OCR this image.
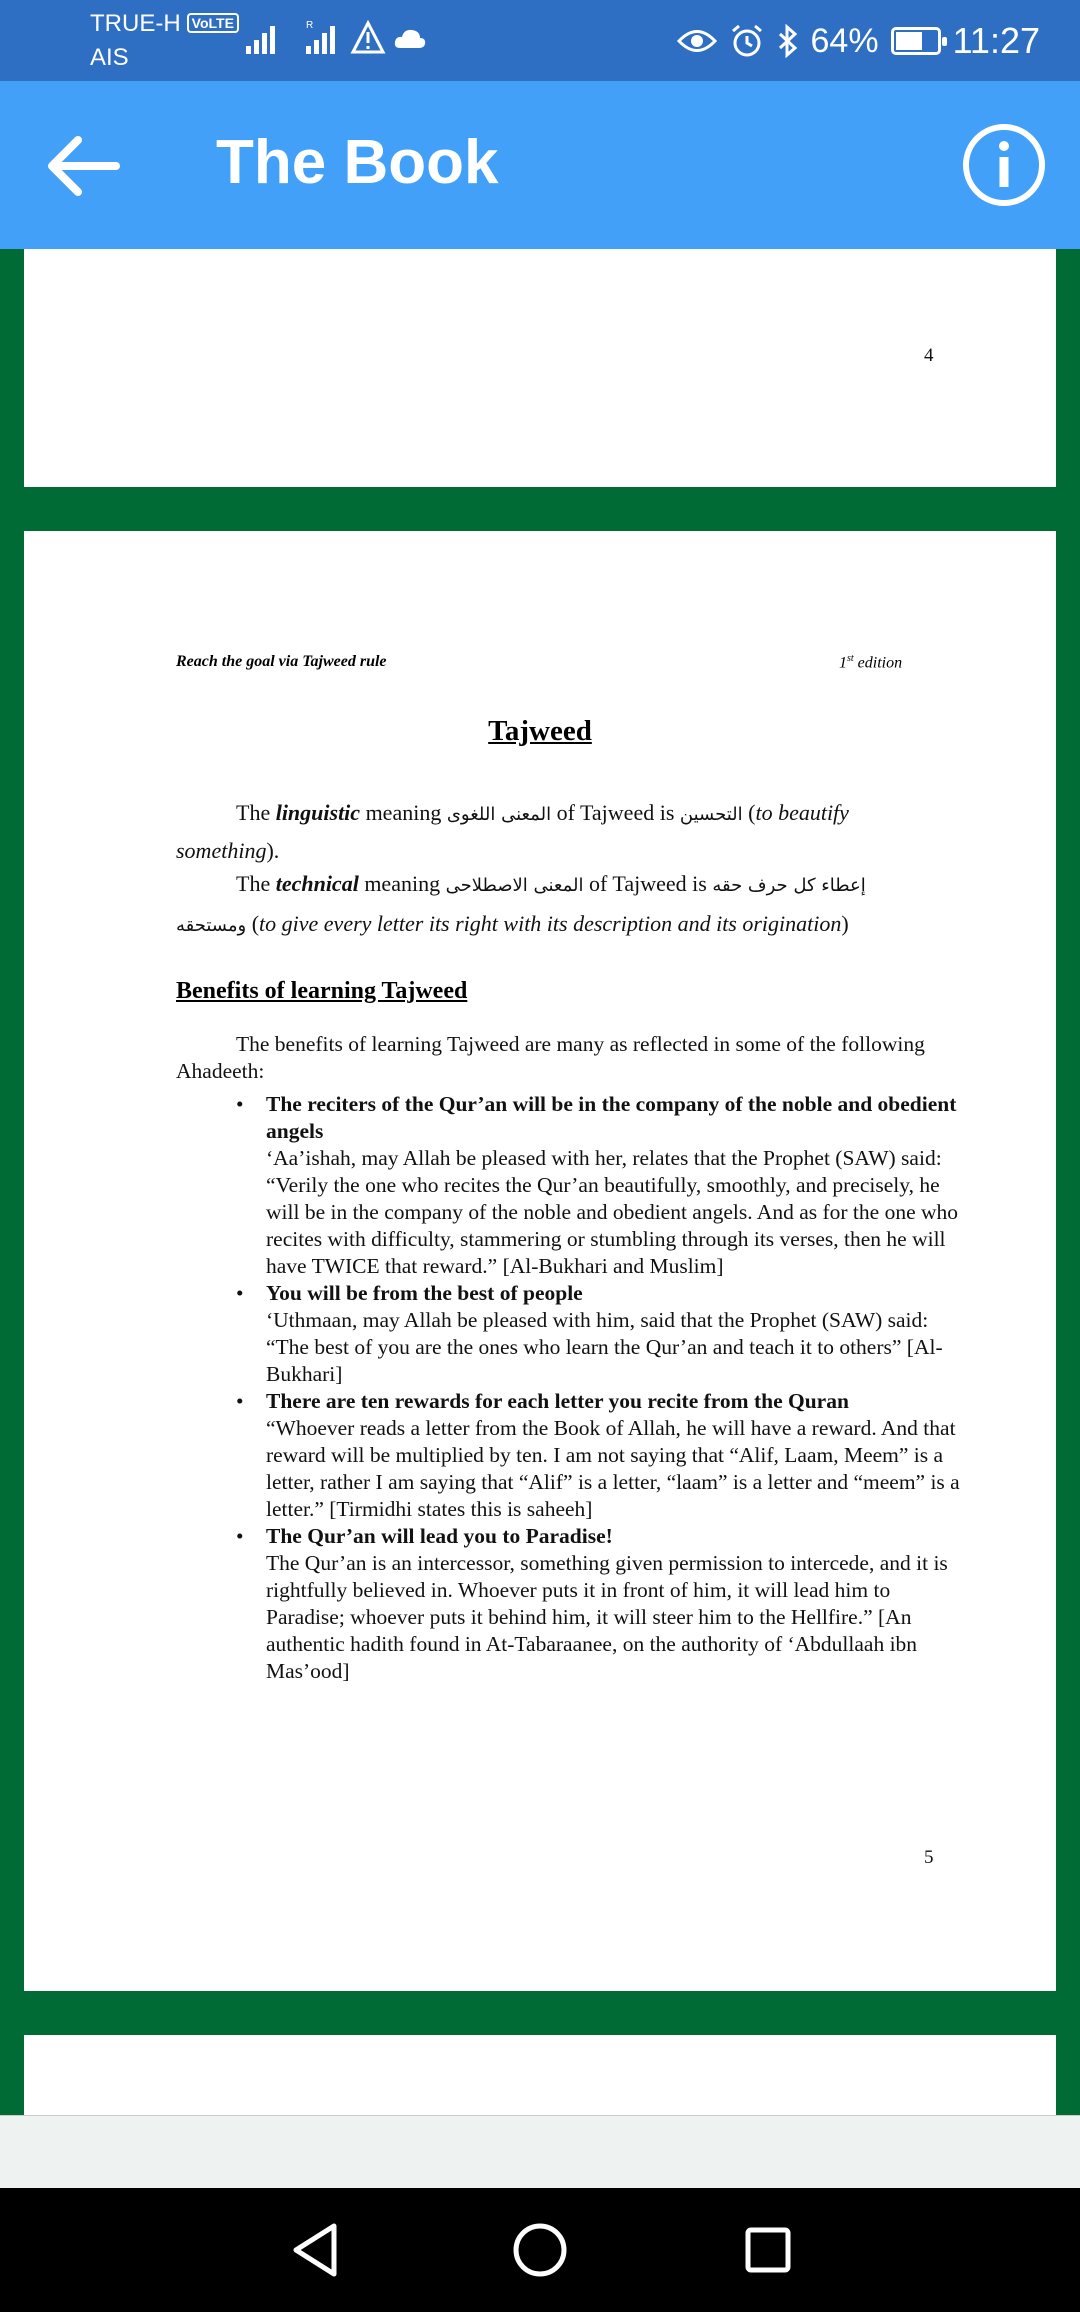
TRUE-H VoLTE
AIS
R	64% 11:27
The Book
4
Reach the goal via Tajweed rule	1st edition
Tajweed
The linguistic meaning المعنى اللغوى of Tajweed is التحسين (to beautify something).
The technical meaning المعنى الاصطلاحى of Tajweed is إعطاء كل حرف حقه ومستحقه (to give every letter its right with its description and its origination)
Benefits of learning Tajweed
The benefits of learning Tajweed are many as reflected in some of the following Ahadeeth:
• The reciters of the Qur’an will be in the company of the noble and obedient angels
‘Aa’ishah, may Allah be pleased with her, relates that the Prophet (SAW) said: “Verily the one who recites the Qur’an beautifully, smoothly, and precisely, he will be in the company of the noble and obedient angels. And as for the one who recites with difficulty, stammering or stumbling through its verses, then he will have TWICE that reward.” [Al-Bukhari and Muslim]
• You will be from the best of people
‘Uthmaan, may Allah be pleased with him, said that the Prophet (SAW) said: “The best of you are the ones who learn the Qur’an and teach it to others” [Al-Bukhari]
• There are ten rewards for each letter you recite from the Quran
“Whoever reads a letter from the Book of Allah, he will have a reward. And that reward will be multiplied by ten. I am not saying that “Alif, Laam, Meem” is a letter, rather I am saying that “Alif” is a letter, “laam” is a letter and “meem” is a letter.” [Tirmidhi states this is saheeh]
• The Qur’an will lead you to Paradise!
The Qur’an is an intercessor, something given permission to intercede, and it is rightfully believed in. Whoever puts it in front of him, it will lead him to Paradise; whoever puts it behind him, it will steer him to the Hellfire.” [An authentic hadith found in At-Tabaraanee, on the authority of ‘Abdullaah ibn Mas’ood]
5
